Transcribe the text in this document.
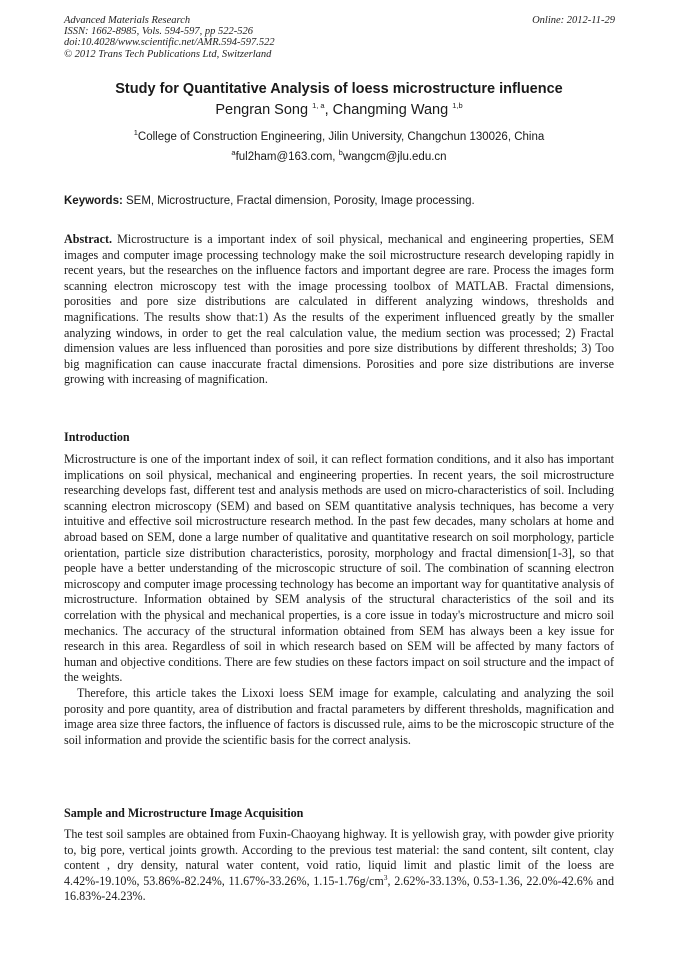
Advanced Materials Research
ISSN: 1662-8985, Vols. 594-597, pp 522-526
doi:10.4028/www.scientific.net/AMR.594-597.522
© 2012 Trans Tech Publications Ltd, Switzerland
Online: 2012-11-29
Study for Quantitative Analysis of loess microstructure influence
Pengran Song $^{1, a}$, Changming Wang $^{1,b}$
$^1$College of Construction Engineering, Jilin University, Changchun 130026, China
$^a$ful2ham@163.com, $^b$wangcm@jlu.edu.cn
Keywords: SEM, Microstructure, Fractal dimension, Porosity, Image processing.
Abstract. Microstructure is a important index of soil physical, mechanical and engineering properties, SEM images and computer image processing technology make the soil microstructure research developing rapidly in recent years, but the researches on the influence factors and important degree are rare. Process the images form scanning electron microscopy test with the image processing toolbox of MATLAB. Fractal dimensions, porosities and pore size distributions are calculated in different analyzing windows, thresholds and magnifications. The results show that:1) As the results of the experiment influenced greatly by the smaller analyzing windows, in order to get the real calculation value, the medium section was processed; 2) Fractal dimension values are less influenced than porosities and pore size distributions by different thresholds; 3) Too big magnification can cause inaccurate fractal dimensions. Porosities and pore size distributions are inverse growing with increasing of magnification.
Introduction

Microstructure is one of the important index of soil, it can reflect formation conditions, and it also has important implications on soil physical, mechanical and engineering properties. In recent years, the soil microstructure researching develops fast, different test and analysis methods are used on micro-characteristics of soil. Including scanning electron microscopy (SEM) and based on SEM quantitative analysis techniques, has become a very intuitive and effective soil microstructure research method. In the past few decades, many scholars at home and abroad based on SEM, done a large number of qualitative and quantitative research on soil morphology, particle orientation, particle size distribution characteristics, porosity, morphology and fractal dimension[1-3], so that people have a better understanding of the microscopic structure of soil. The combination of scanning electron microscopy and computer image processing technology has become an important way for quantitative analysis of microstructure. Information obtained by SEM analysis of the structural characteristics of the soil and its correlation with the physical and mechanical properties, is a core issue in today's microstructure and micro soil mechanics. The accuracy of the structural information obtained from SEM has always been a key issue for research in this area. Regardless of soil in which research based on SEM will be affected by many factors of human and objective conditions. There are few studies on these factors impact on soil structure and the impact of the weights.

Therefore, this article takes the Lixoxi loess SEM image for example, calculating and analyzing the soil porosity and pore quantity, area of distribution and fractal parameters by different thresholds, magnification and image area size three factors, the influence of factors is discussed rule, aims to be the microscopic structure of the soil information and provide the scientific basis for the correct analysis.

Sample and Microstructure Image Acquisition
The test soil samples are obtained from Fuxin-Chaoyang highway. It is yellowish gray, with powder give priority to, big pore, vertical joints growth. According to the previous test material: the sand content, silt content, clay content , dry density, natural water content, void ratio, liquid limit and plastic limit of the loess are 4.42%-19.10%, 53.86%-82.24%, 11.67%-33.26%, $1.15-1.76g/cm^3$, 2.62%-33.13%, 0.53-1.36, 22.0%-42.6% and 16.83%-24.23%.
